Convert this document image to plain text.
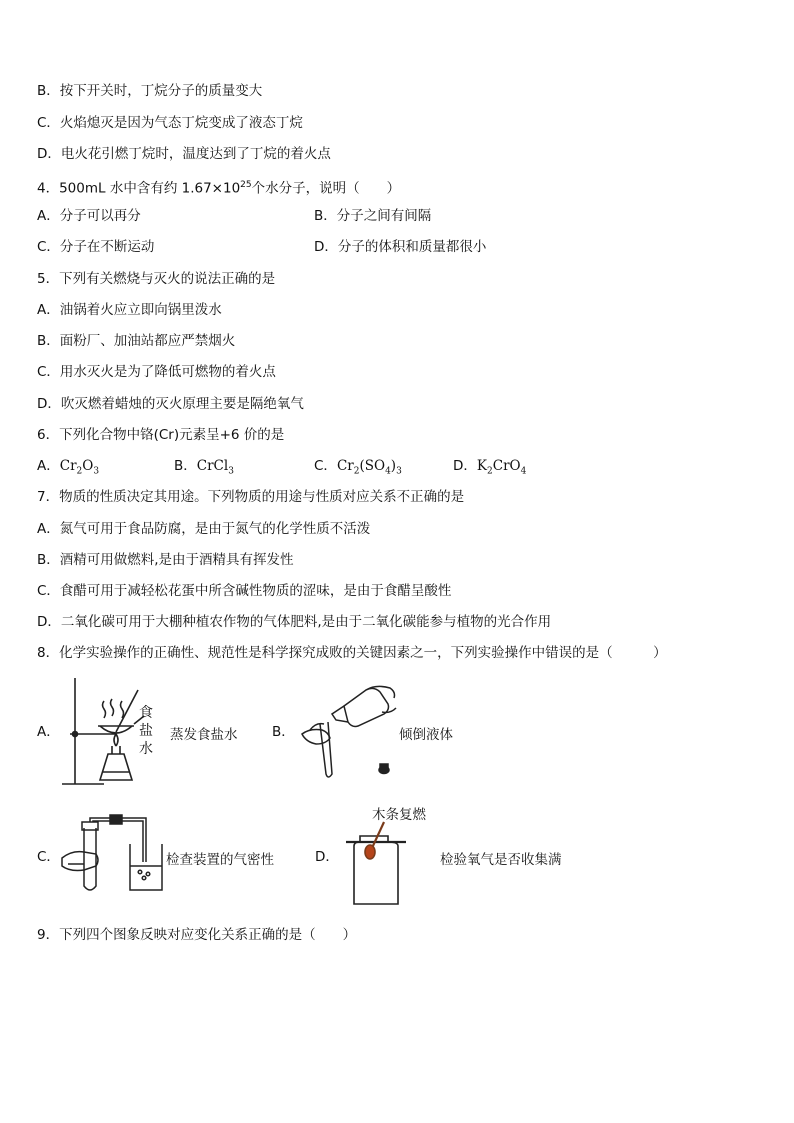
B．按下开关时，丁烷分子的质量变大
C．火焰熄灭是因为气态丁烷变成了液态丁烷
D．电火花引燃丁烷时，温度达到了丁烷的着火点
4．500mL 水中含有约 $1.67\times 10^{25}$个水分子，说明（　　）
A．分子可以再分	B．分子之间有间隔
C．分子在不断运动	D．分子的体积和质量都很小
5．下列有关燃烧与灭火的说法正确的是
A．油锅着火应立即向锅里泼水
B．面粉厂、加油站都应严禁烟火
C．用水灭火是为了降低可燃物的着火点
D．吹灭燃着蜡烛的灭火原理主要是隔绝氧气
6．下列化合物中铬(Cr)元素呈+6 价的是
A．$Cr_2O_3$	B．CrCl$_3$	C．$Cr_2(SO_4)_3$	D．$K_2CrO_4$
7．物质的性质决定其用途。下列物质的用途与性质对应关系不正确的是
A．氮气可用于食品防腐，是由于氮气的化学性质不活泼
B．酒精可用做燃料,是由于酒精具有挥发性
C．食醋可用于减轻松花蛋中所含碱性物质的涩味，是由于食醋呈酸性
D．二氧化碳可用于大棚种植农作物的气体肥料,是由于二氧化碳能参与植物的光合作用
8．化学实验操作的正确性、规范性是科学探究成败的关键因素之一，下列实验操作中错误的是（　　　）
A．
食
盐
水
蒸发食盐水	B．	倾倒液体
C．	检查装置的气密性	D．
木条复燃
检验氧气是否收集满
9．下列四个图象反映对应变化关系正确的是（　　）
